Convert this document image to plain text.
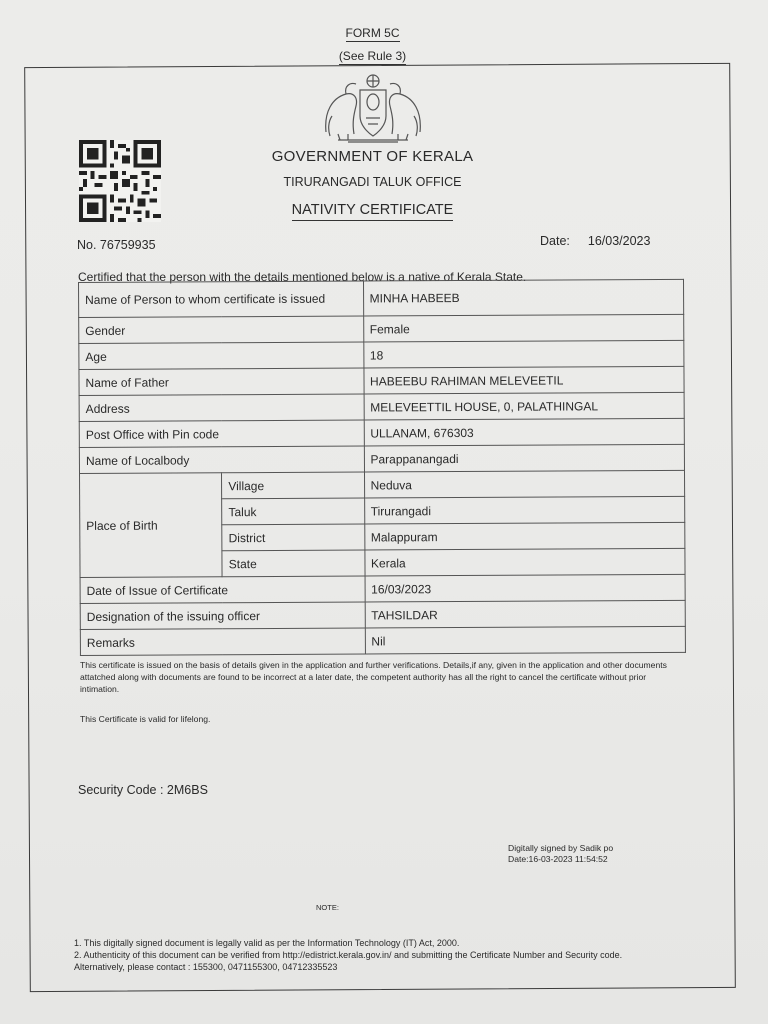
FORM 5C
(See Rule 3)
GOVERNMENT OF KERALA
TIRURANGADI TALUK OFFICE
NATIVITY CERTIFICATE
No. 76759935	Date: 16/03/2023
Certified that the person with the details mentioned below is a native of Kerala State.
Name of Person to whom certificate is issued		MINHA HABEEB
Gender		Female
Age		18
Name of Father		HABEEBU RAHIMAN MELEVEETIL
Address		MELEVEETTIL HOUSE, 0, PALATHINGAL
Post Office with Pin code		ULLANAM, 676303
Name of Localbody		Parappanangadi
Place of Birth	Village	Neduva
	Taluk	Tirurangadi
	District	Malappuram
	State	Kerala
Date of Issue of Certificate		16/03/2023
Designation of the issuing officer		TAHSILDAR
Remarks		Nil
This certificate is issued on the basis of details given in the application and further verifications. Details,if any, given in the application and other documents attatched along with documents are found to be incorrect at a later date, the competent authority has all the right to cancel the certificate without prior intimation.
This Certificate is valid for lifelong.
Security Code : 2M6BS
Digitally signed by Sadik po
Date:16-03-2023 11:54:52
NOTE:
1. This digitally signed document is legally valid as per the Information Technology (IT) Act, 2000.
2. Authenticity of this document can be verified from http://edistrict.kerala.gov.in/ and submitting the Certificate Number and Security code. Alternatively, please contact : 155300, 0471155300, 04712335523
